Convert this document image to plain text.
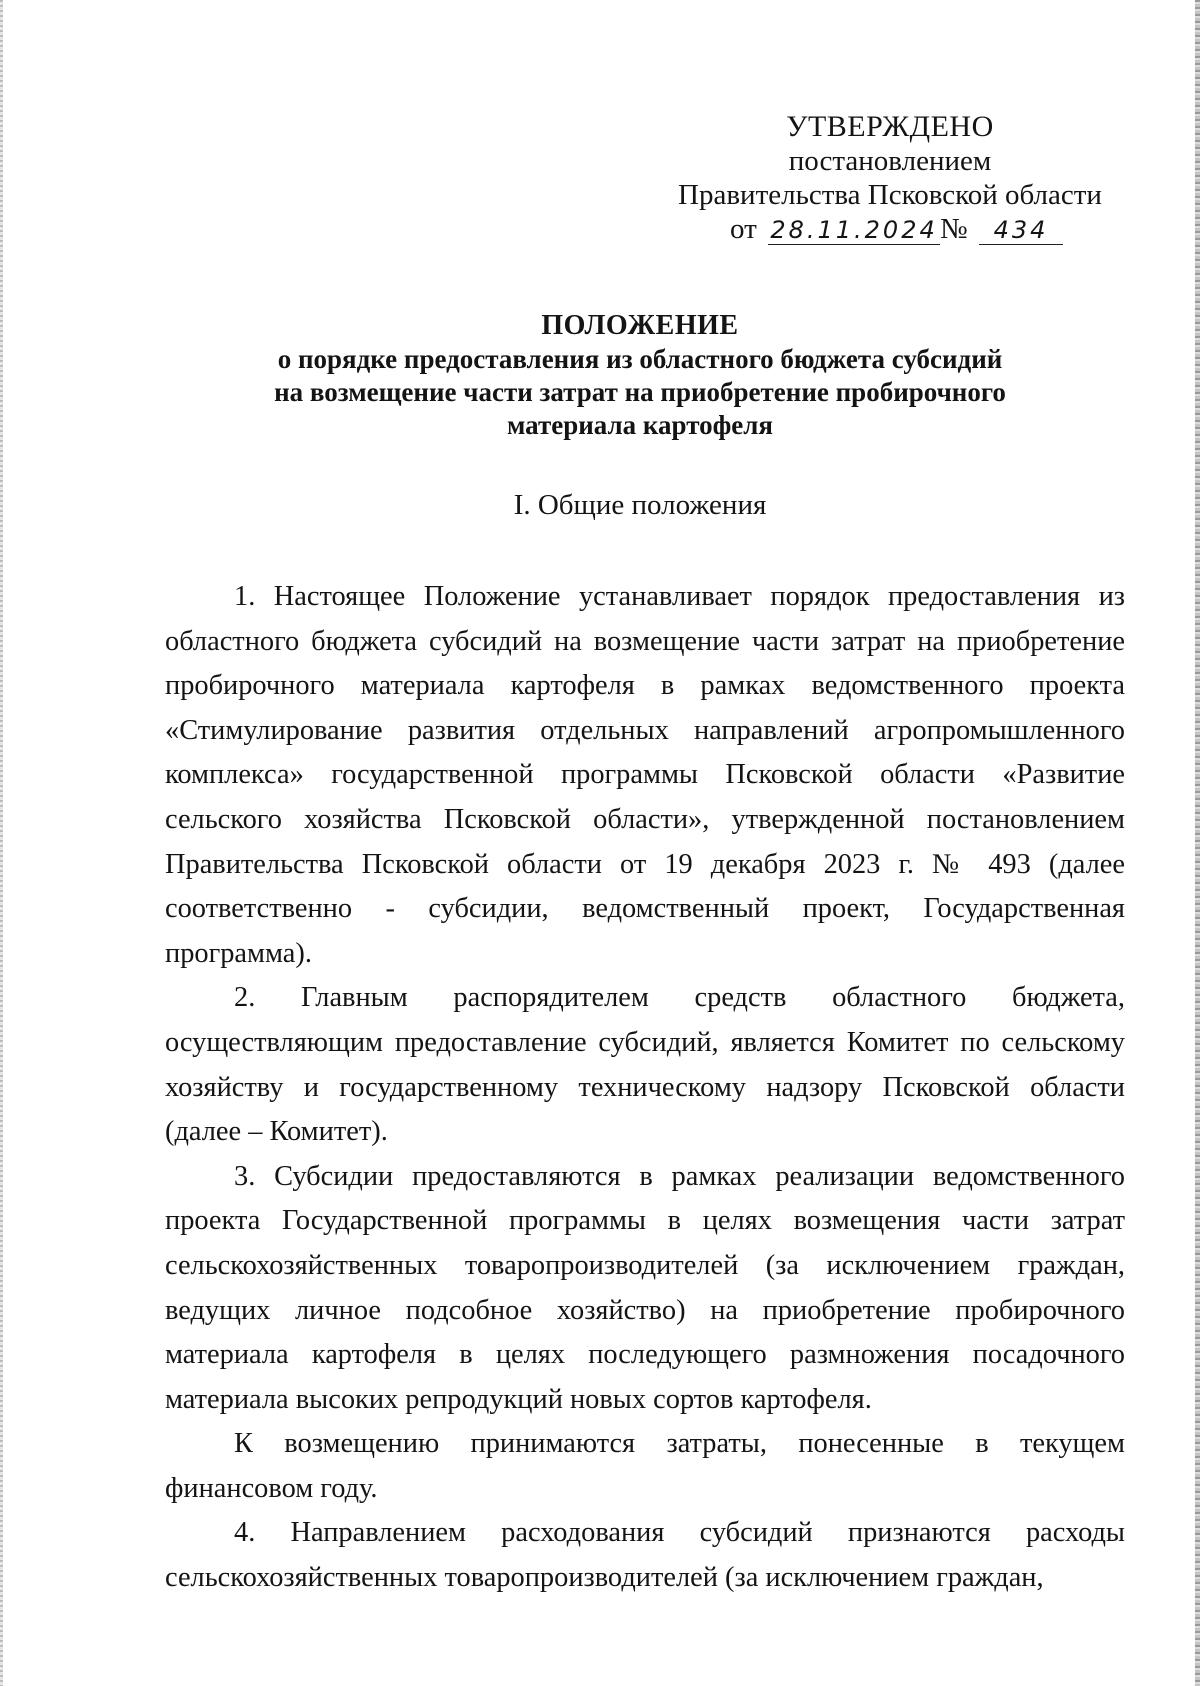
УТВЕРЖДЕНО
постановлением
Правительства Псковской области
от 28.11.2024№ 434
ПОЛОЖЕНИЕ
о порядке предоставления из областного бюджета субсидий
на возмещение части затрат на приобретение пробирочного
материала картофеля
I. Общие положения

1. Настоящее Положение устанавливает порядок предоставления из областного бюджета субсидий на возмещение части затрат на приобретение пробирочного материала картофеля в рамках ведомственного проекта «Стимулирование развития отдельных направлений агропромышленного комплекса» государственной программы Псковской области «Развитие сельского хозяйства Псковской области», утвержденной постановлением Правительства Псковской области от 19 декабря 2023 г. № 493 (далее соответственно - субсидии, ведомственный проект, Государственная программа).

2. Главным распорядителем средств областного бюджета, осуществляющим предоставление субсидий, является Комитет по сельскому хозяйству и государственному техническому надзору Псковской области (далее – Комитет).

3. Субсидии предоставляются в рамках реализации ведомственного проекта Государственной программы в целях возмещения части затрат сельскохозяйственных товаропроизводителей (за исключением граждан, ведущих личное подсобное хозяйство) на приобретение пробирочного материала картофеля в целях последующего размножения посадочного материала высоких репродукций новых сортов картофеля.

К возмещению принимаются затраты, понесенные в текущем финансовом году.

4. Направлением расходования субсидий признаются расходы сельскохозяйственных товаропроизводителей (за исключением граждан,
